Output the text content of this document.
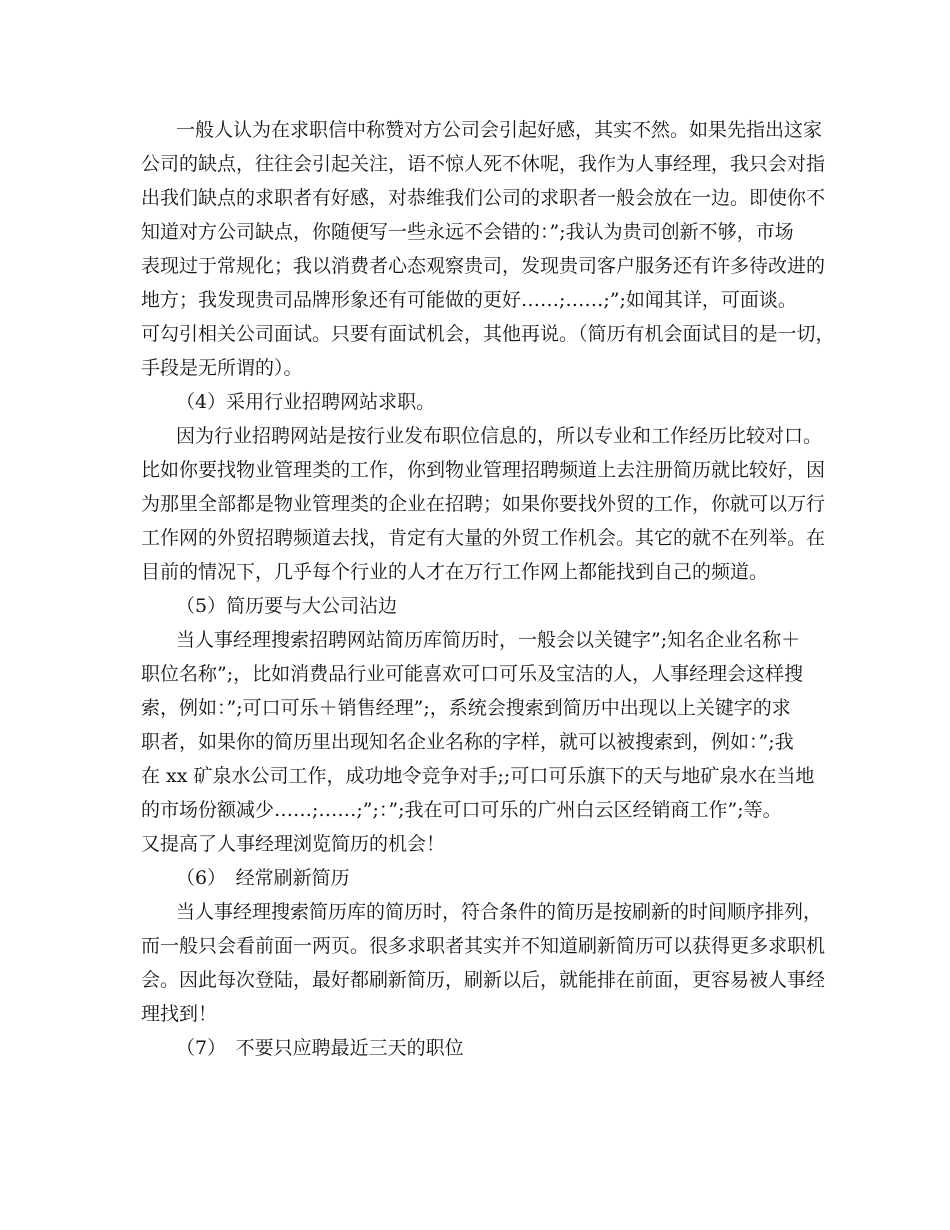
一般人认为在求职信中称赞对方公司会引起好感，其实不然。如果先指出这家
公司的缺点，往往会引起关注，语不惊人死不休呢，我作为人事经理，我只会对指
出我们缺点的求职者有好感，对恭维我们公司的求职者一般会放在一边。即使你不
知道对方公司缺点，你随便写一些永远不会错的：”;我认为贵司创新不够，市场
表现过于常规化；我以消费者心态观察贵司，发现贵司客户服务还有许多待改进的
地方；我发现贵司品牌形象还有可能做的更好……;……;”;如闻其详，可面谈。
可勾引相关公司面试。只要有面试机会，其他再说。（简历有机会面试目的是一切，
手段是无所谓的）。
（4）采用行业招聘网站求职。
因为行业招聘网站是按行业发布职位信息的，所以专业和工作经历比较对口。
比如你要找物业管理类的工作，你到物业管理招聘频道上去注册简历就比较好，因
为那里全部都是物业管理类的企业在招聘；如果你要找外贸的工作，你就可以万行
工作网的外贸招聘频道去找，肯定有大量的外贸工作机会。其它的就不在列举。在
目前的情况下，几乎每个行业的人才在万行工作网上都能找到自己的频道。
（5）简历要与大公司沾边
当人事经理搜索招聘网站简历库简历时，一般会以关键字”;知名企业名称＋
职位名称”;，比如消费品行业可能喜欢可口可乐及宝洁的人，人事经理会这样搜
索，例如：”;可口可乐＋销售经理”;，系统会搜索到简历中出现以上关键字的求
职者，如果你的简历里出现知名企业名称的字样，就可以被搜索到，例如：”;我
在 xx 矿泉水公司工作，成功地令竞争对手;;可口可乐旗下的天与地矿泉水在当地
的市场份额减少……;……;”;：”;我在可口可乐的广州白云区经销商工作”;等。
又提高了人事经理浏览简历的机会！
（6）　经常刷新简历
当人事经理搜索简历库的简历时，符合条件的简历是按刷新的时间顺序排列，
而一般只会看前面一两页。很多求职者其实并不知道刷新简历可以获得更多求职机
会。因此每次登陆，最好都刷新简历，刷新以后，就能排在前面，更容易被人事经
理找到！
（7）　不要只应聘最近三天的职位
